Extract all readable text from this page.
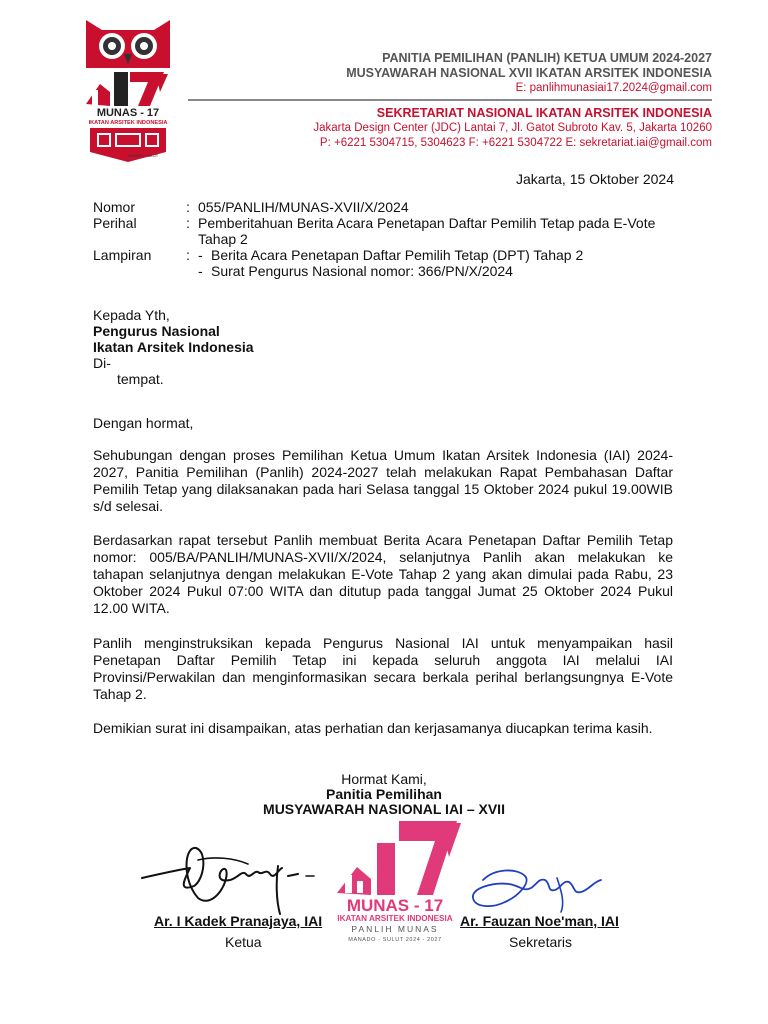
MUNAS - 17
IKATAN ARSITEK INDONESIA
MANADO - SULUT
PANITIA PEMILIHAN (PANLIH) KETUA UMUM 2024-2027
MUSYAWARAH NASIONAL XVII IKATAN ARSITEK INDONESIA
E: panlihmunasiai17.2024@gmail.com
SEKRETARIAT NASIONAL IKATAN ARSITEK INDONESIA
Jakarta Design Center (JDC) Lantai 7, Jl. Gatot Subroto Kav. 5, Jakarta 10260
P: +6221 5304715, 5304623 F: +6221 5304722 E: sekretariat.iai@gmail.com
Jakarta, 15 Oktober 2024
Nomor	: 055/PANLIH/MUNAS-XVII/X/2024
Perihal	: Pemberitahuan Berita Acara Penetapan Daftar Pemilih Tetap pada E-Vote Tahap 2
Lampiran : - Berita Acara Penetapan Daftar Pemilih Tetap (DPT) Tahap 2
- Surat Pengurus Nasional nomor: 366/PN/X/2024
Kepada Yth,
Pengurus Nasional
Ikatan Arsitek Indonesia
Di-
tempat.
Dengan hormat,
Sehubungan dengan proses Pemilihan Ketua Umum Ikatan Arsitek Indonesia (IAI) 2024-2027, Panitia Pemilihan (Panlih) 2024-2027 telah melakukan Rapat Pembahasan Daftar Pemilih Tetap yang dilaksanakan pada hari Selasa tanggal 15 Oktober 2024 pukul 19.00WIB s/d selesai.
Berdasarkan rapat tersebut Panlih membuat Berita Acara Penetapan Daftar Pemilih Tetap nomor: 005/BA/PANLIH/MUNAS-XVII/X/2024, selanjutnya Panlih akan melakukan ke tahapan selanjutnya dengan melakukan E-Vote Tahap 2 yang akan dimulai pada Rabu, 23 Oktober 2024 Pukul 07:00 WITA dan ditutup pada tanggal Jumat 25 Oktober 2024 Pukul 12.00 WITA.
Panlih menginstruksikan kepada Pengurus Nasional IAI untuk menyampaikan hasil Penetapan Daftar Pemilih Tetap ini kepada seluruh anggota IAI melalui IAI Provinsi/Perwakilan dan menginformasikan secara berkala perihal berlangsungnya E-Vote Tahap 2.
Demikian surat ini disampaikan, atas perhatian dan kerjasamanya diucapkan terima kasih.
Hormat Kami,
Panitia Pemilihan
MUSYAWARAH NASIONAL IAI – XVII
MUNAS - 17
IKATAN ARSITEK INDONESIA
PANLIH MUNAS
MANADO · SULUT 2024 - 2027
Ar. I Kadek Pranajaya, IAI
Ketua
Ar. Fauzan Noe'man, IAI
Sekretaris
